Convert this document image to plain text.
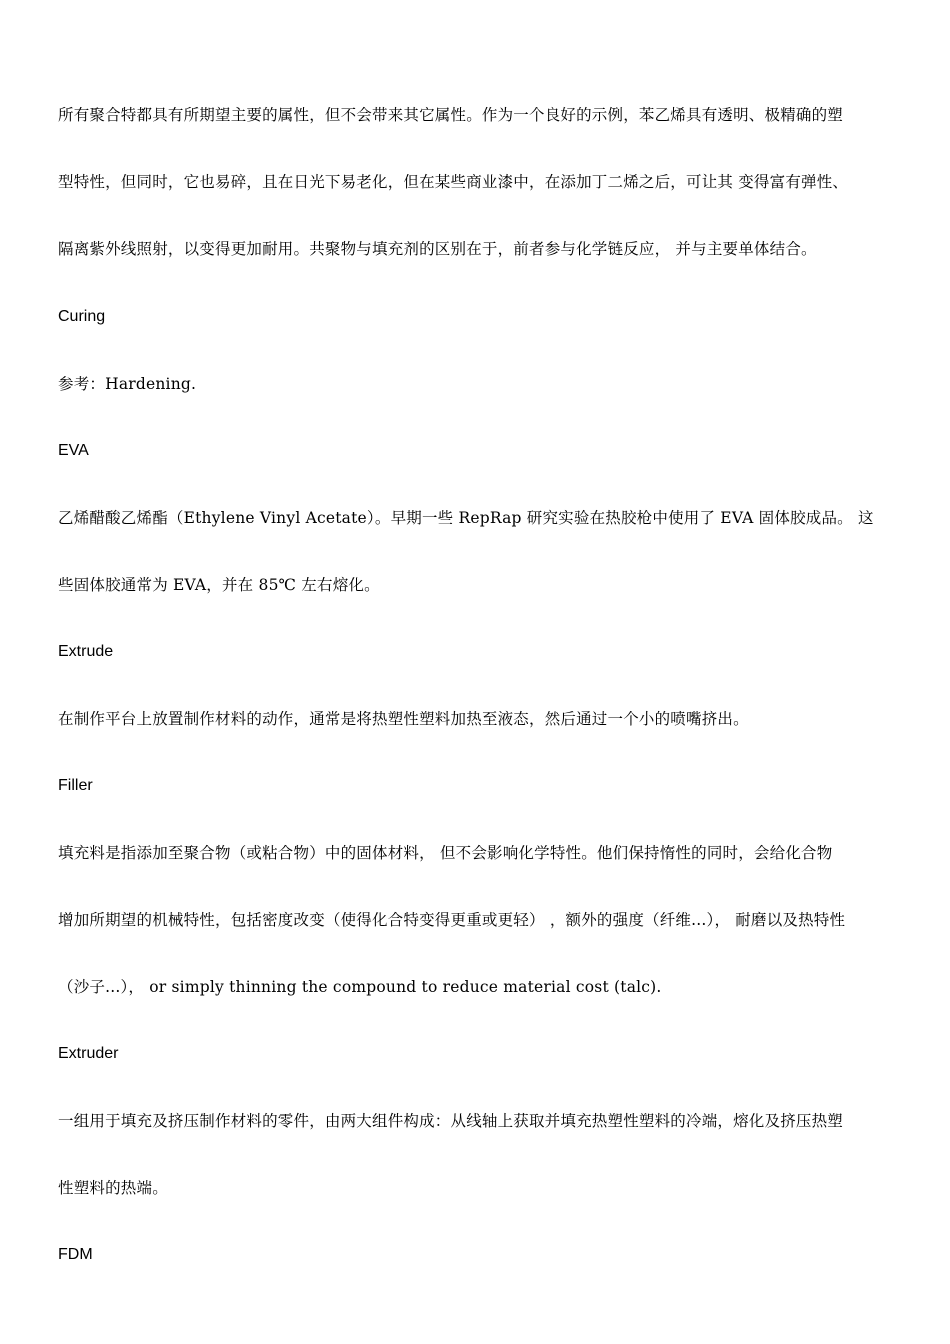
所有聚合特都具有所期望主要的属性，但不会带来其它属性。作为一个良好的示例，苯乙烯具有透明、极精确的塑
型特性，但同时，它也易碎，且在日光下易老化，但在某些商业漆中，在添加丁二烯之后，可让其 变得富有弹性、
隔离紫外线照射，以变得更加耐用。共聚物与填充剂的区别在于，前者参与化学链反应， 并与主要单体结合。
Curing
参考：Hardening.
EVA
乙烯醋酸乙烯酯（Ethylene Vinyl Acetate）。早期一些 RepRap 研究实验在热胶枪中使用了 EVA 固体胶成品。 这
些固体胶通常为 EVA，并在 85℃ 左右熔化。
Extrude
在制作平台上放置制作材料的动作，通常是将热塑性塑料加热至液态，然后通过一个小的喷嘴挤出。
Filler
填充料是指添加至聚合物（或粘合物）中的固体材料， 但不会影响化学特性。他们保持惰性的同时，会给化合物
增加所期望的机械特性，包括密度改变（使得化合特变得更重或更轻） ，额外的强度（纤维...）， 耐磨以及热特性
（沙子...）， or simply thinning the compound to reduce material cost (talc).
Extruder
一组用于填充及挤压制作材料的零件，由两大组件构成：从线轴上获取并填充热塑性塑料的冷端，熔化及挤压热塑
性塑料的热端。
FDM
